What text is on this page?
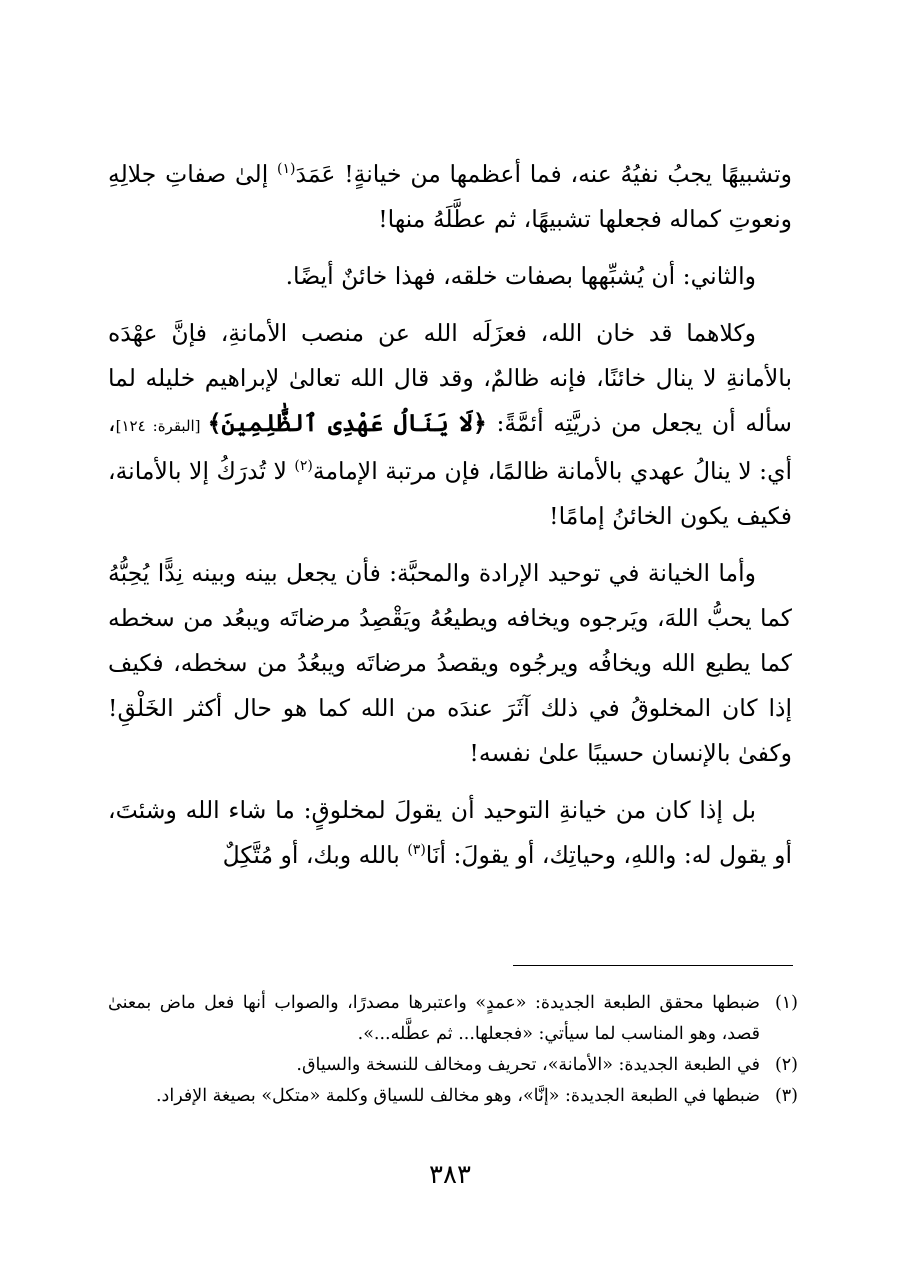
وتشبيهًا يجبُ نفيُهُ عنه، فما أعظمها من خيانةٍ! عَمَدَ$^{(١)}$ إلىٰ صفاتِ جلالِهِ ونعوتِ كماله فجعلها تشبيهًا، ثم عطَّلَهُ منها!

والثاني: أن يُشبِّهها بصفات خلقه، فهذا خائنٌ أيضًا.

وكلاهما قد خان الله، فعزَلَه الله عن منصب الأمانةِ، فإنَّ عهْدَه بالأمانةِ لا ينال خائنًا، فإنه ظالمٌ، وقد قال الله تعالىٰ لإبراهيم خليله لما سأله أن يجعل من ذريَّتِه أئمَّةً: ﴿لَا يَنَالُ عَهْدِى ٱلظَّٰلِمِينَ﴾ [البقرة: ١٢٤]، أي: لا ينالُ عهدي بالأمانة ظالمًا، فإن مرتبة الإمامة$^{(٢)}$ لا تُدرَكُ إلا بالأمانة، فكيف يكون الخائنُ إمامًا!

وأما الخيانة في توحيد الإرادة والمحبَّة: فأن يجعل بينه وبينه نِدًّا يُحِبُّهُ كما يحبُّ اللهَ، ويَرجوه ويخافه ويطيعُهُ ويَقْصِدُ مرضاتَه ويبعُد من سخطه كما يطيع الله ويخافُه ويرجُوه ويقصدُ مرضاتَه ويبعُدُ من سخطه، فكيف إذا كان المخلوقُ في ذلك آثَرَ عندَه من الله كما هو حال أكثر الخَلْقِ! وكفىٰ بالإنسان حسيبًا علىٰ نفسه!

بل إذا كان من خيانةِ التوحيد أن يقولَ لمخلوقٍ: ما شاء الله وشئتَ، أو يقول له: واللهِ، وحياتِك، أو يقولَ: أنَا$^{(٣)}$ بالله وبك، أو مُتَّكِلٌ

(١)
ضبطها محقق الطبعة الجديدة: «عمدٍ» واعتبرها مصدرًا، والصواب أنها فعل ماض بمعنىٰ قصد، وهو المناسب لما سيأتي: «فجعلها... ثم عطَّله...».
(٢)
في الطبعة الجديدة: «الأمانة»، تحريف ومخالف للنسخة والسياق.
(٣)
ضبطها في الطبعة الجديدة: «إنَّا»، وهو مخالف للسياق وكلمة «متكل» بصيغة الإفراد.
٣٨٣
